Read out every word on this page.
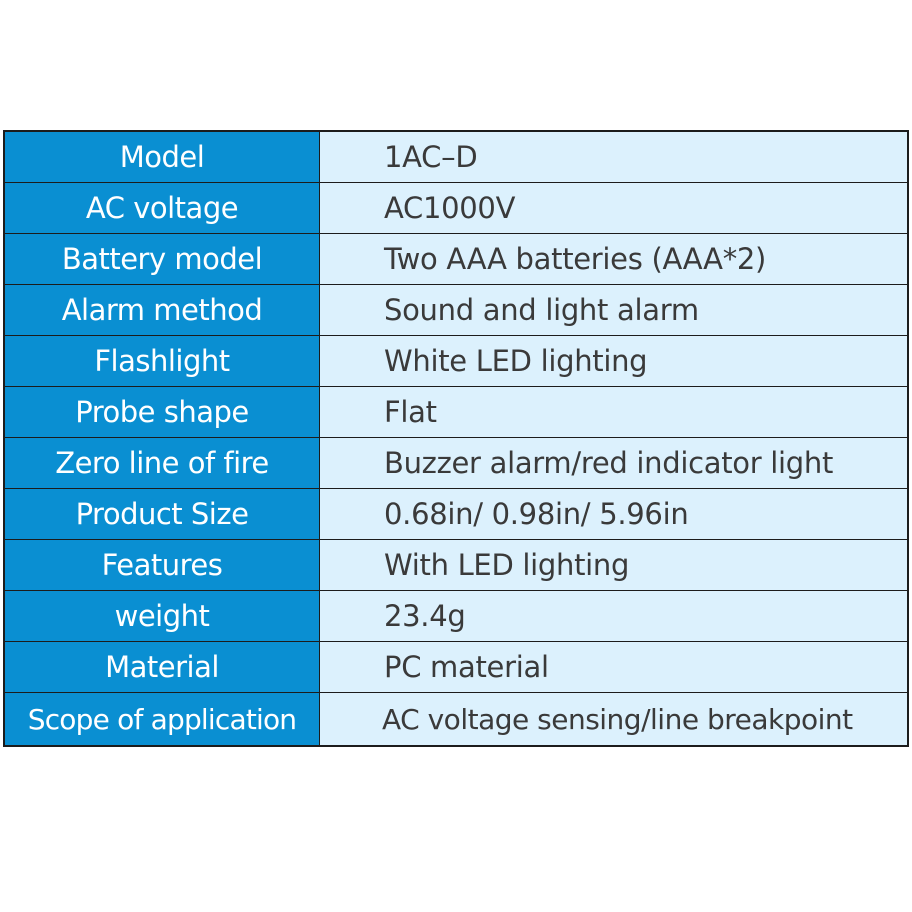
Model	1AC–D
AC voltage	AC1000V
Battery model	Two AAA batteries (AAA*2)
Alarm method	Sound and light alarm
Flashlight	White LED lighting
Probe shape	Flat
Zero line of fire	Buzzer alarm/red indicator light
Product Size	0.68in/ 0.98in/ 5.96in
Features	With LED lighting
weight	23.4g
Material	PC material
Scope of application	AC voltage sensing/line breakpoint
